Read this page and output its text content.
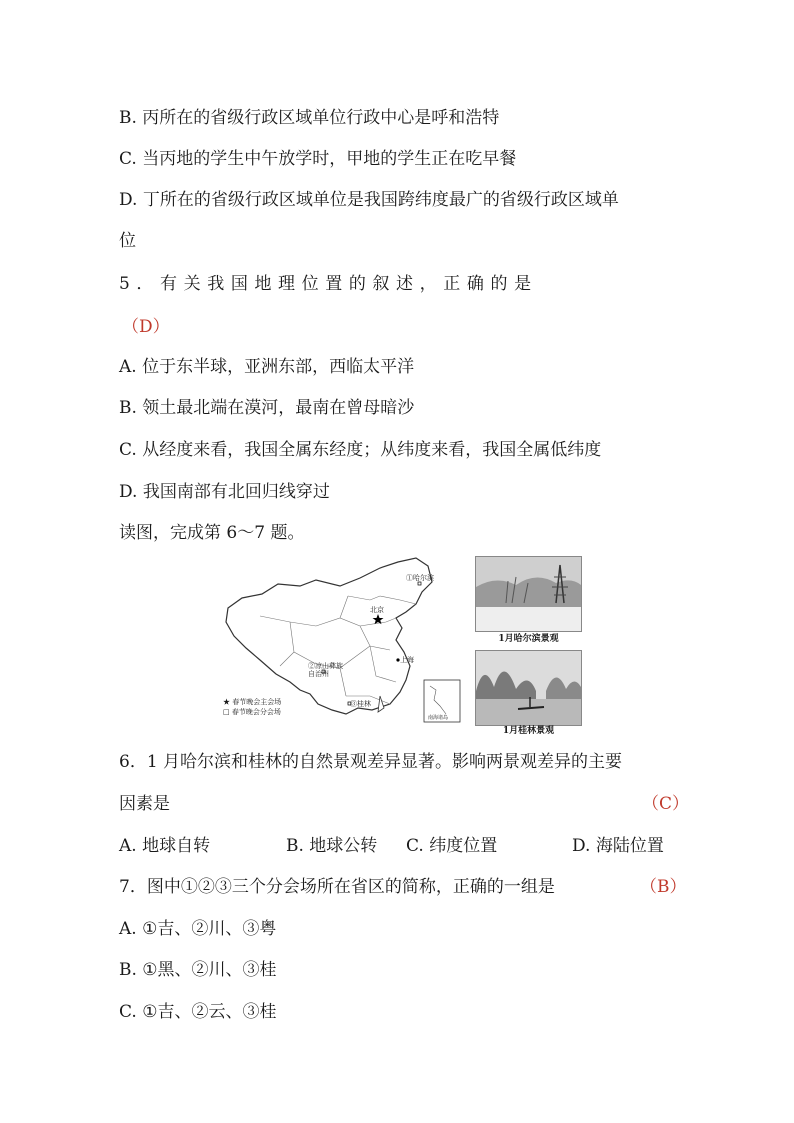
B. 丙所在的省级行政区域单位行政中心是呼和浩特
C. 当丙地的学生中午放学时，甲地的学生正在吃早餐
D. 丁所在的省级行政区域单位是我国跨纬度最广的省级行政区域单
位
5 ． 有 关 我 国 地 理 位 置 的 叙 述 ， 正 确 的 是
（D）
A. 位于东半球，亚洲东部，西临太平洋
B. 领土最北端在漠河，最南在曾母暗沙
C. 从经度来看，我国全属东经度；从纬度来看，我国全属低纬度
D. 我国南部有北回归线穿过
读图，完成第 6～7 题。
①哈尔滨
北京
②凉山彝族自治州
上海
③桂林
南海诸岛
★ 春节晚会主会场
□ 春节晚会分会场
1月哈尔滨景观
1月桂林景观
6．1 月哈尔滨和桂林的自然景观差异显著。影响两景观差异的主要
因素是	（C）
A. 地球自转	B. 地球公转 C. 纬度位置	D. 海陆位置
7．图中①②③三个分会场所在省区的简称，正确的一组是	（B）
A. ①吉、②川、③粤
B. ①黑、②川、③桂
C. ①吉、②云、③桂
